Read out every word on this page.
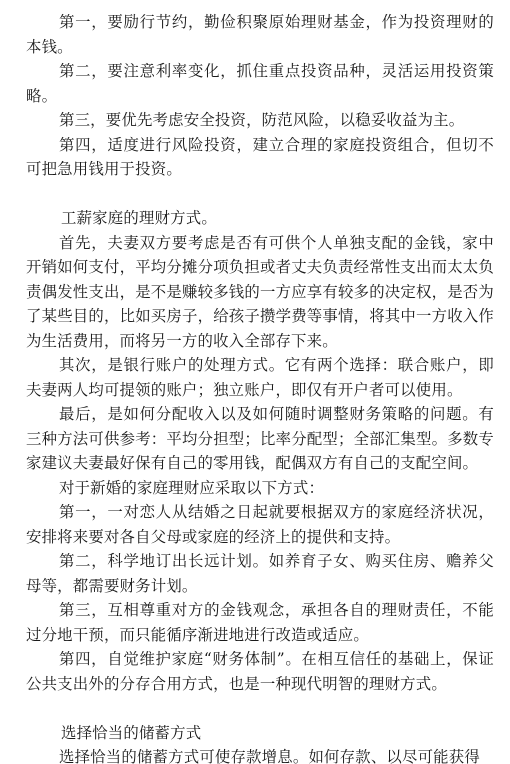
第一，要励行节约，勤俭积聚原始理财基金，作为投资理财的本钱。

第二，要注意利率变化，抓住重点投资品种，灵活运用投资策略。

第三，要优先考虑安全投资，防范风险，以稳妥收益为主。

第四，适度进行风险投资，建立合理的家庭投资组合，但切不可把急用钱用于投资。

工薪家庭的理财方式。

首先，夫妻双方要考虑是否有可供个人单独支配的金钱，家中开销如何支付，平均分摊分项负担或者丈夫负责经常性支出而太太负责偶发性支出，是不是赚较多钱的一方应享有较多的决定权，是否为了某些目的，比如买房子，给孩子攒学费等事情，将其中一方收入作为生活费用，而将另一方的收入全部存下来。

其次，是银行账户的处理方式。它有两个选择：联合账户，即夫妻两人均可提领的账户；独立账户，即仅有开户者可以使用。

最后，是如何分配收入以及如何随时调整财务策略的问题。有三种方法可供参考：平均分担型；比率分配型；全部汇集型。多数专家建议夫妻最好保有自己的零用钱，配偶双方有自己的支配空间。

对于新婚的家庭理财应采取以下方式：

第一，一对恋人从结婚之日起就要根据双方的家庭经济状况，安排将来要对各自父母或家庭的经济上的提供和支持。

第二，科学地订出长远计划。如养育子女、购买住房、赡养父母等，都需要财务计划。

第三，互相尊重对方的金钱观念，承担各自的理财责任，不能过分地干预，而只能循序渐进地进行改造或适应。

第四，自觉维护家庭“财务体制”。在相互信任的基础上，保证公共支出外的分存合用方式，也是一种现代明智的理财方式。

选择恰当的储蓄方式

选择恰当的储蓄方式可使存款增息。如何存款、以尽可能获得
